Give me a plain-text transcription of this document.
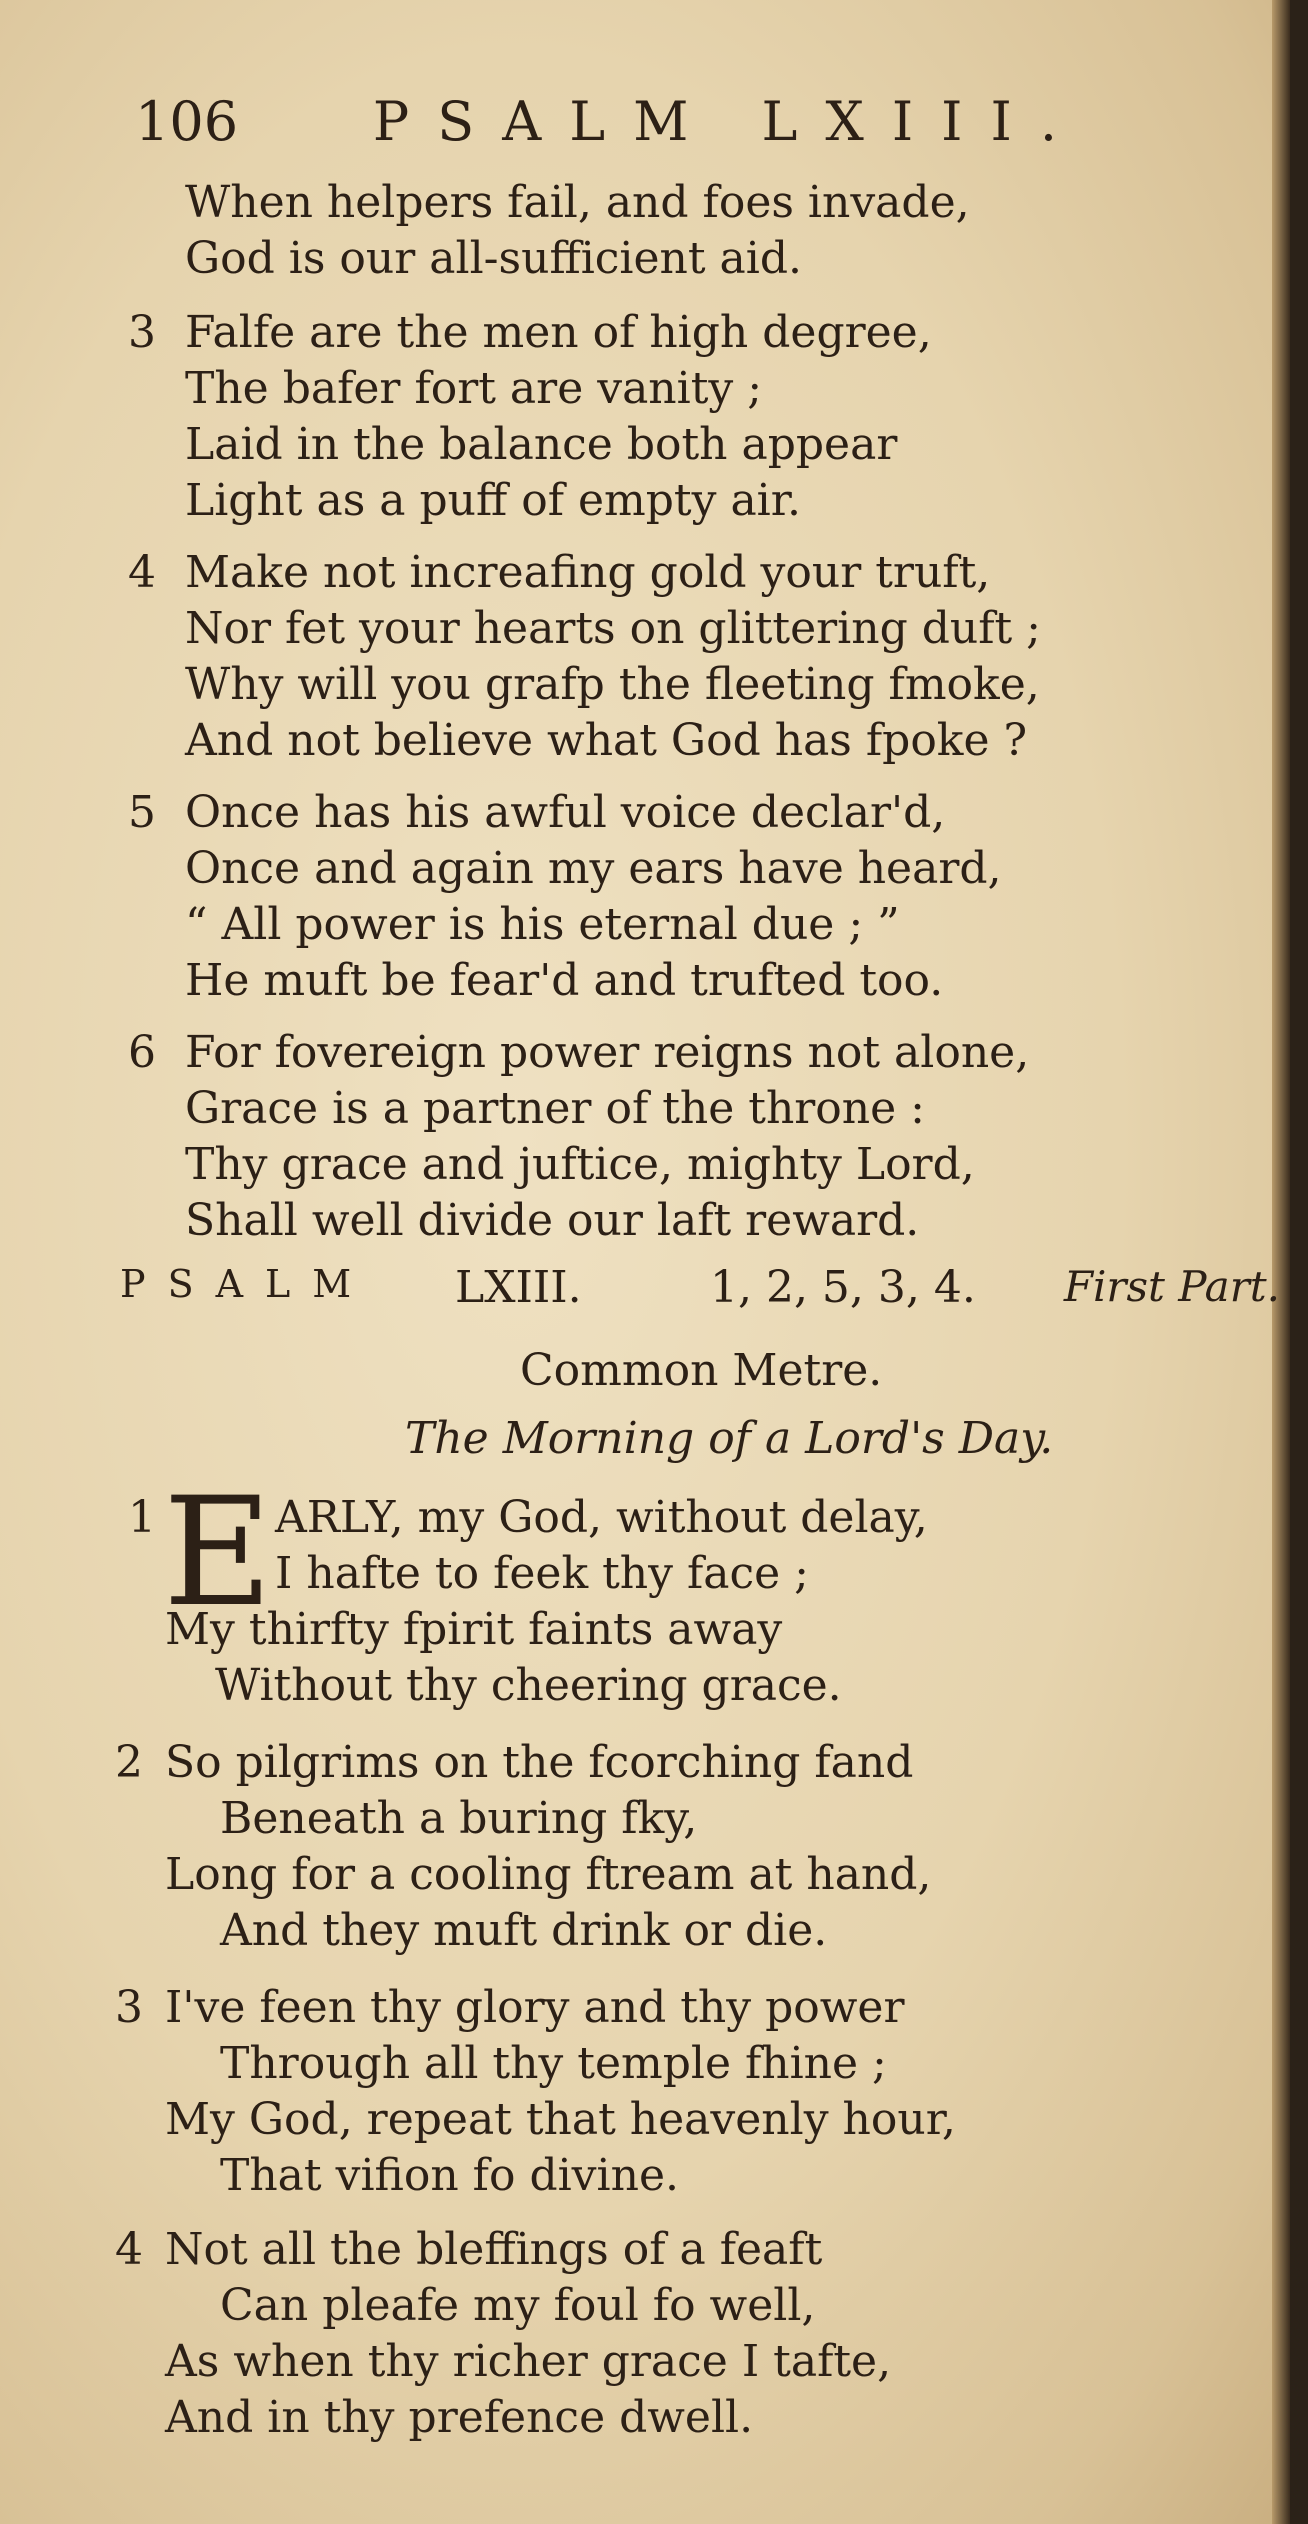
106 PSALM LXIII.
When helpers fail, and foes invade,
God is our all-sufficient aid.
3 Falfe are the men of high degree,
The bafer fort are vanity ;
Laid in the balance both appear
Light as a puff of empty air.
4 Make not increafing gold your truft,
Nor fet your hearts on glittering duft ;
Why will you grafp the fleeting fmoke,
And not believe what God has fpoke ?
5 Once has his awful voice declar'd,
Once and again my ears have heard,
“ All power is his eternal due ; ”
He muft be fear'd and trufted too.
6 For fovereign power reigns not alone,
Grace is a partner of the throne :
Thy grace and juftice, mighty Lord,
Shall well divide our laft reward.
PSALM LXIII.	1, 2, 5, 3, 4. First Part.
Common Metre.
The Morning of a Lord's Day.
1 E ARLY, my God, without delay,
I hafte to feek thy face ;
My thirfty fpirit faints away
Without thy cheering grace.
2 So pilgrims on the fcorching fand
Beneath a buring fky,
Long for a cooling ftream at hand,
And they muft drink or die.
3 I've feen thy glory and thy power
Through all thy temple fhine ;
My God, repeat that heavenly hour,
That vifion fo divine.
4 Not all the bleffings of a feaft
Can pleafe my foul fo well,
As when thy richer grace I tafte,
And in thy prefence dwell.
